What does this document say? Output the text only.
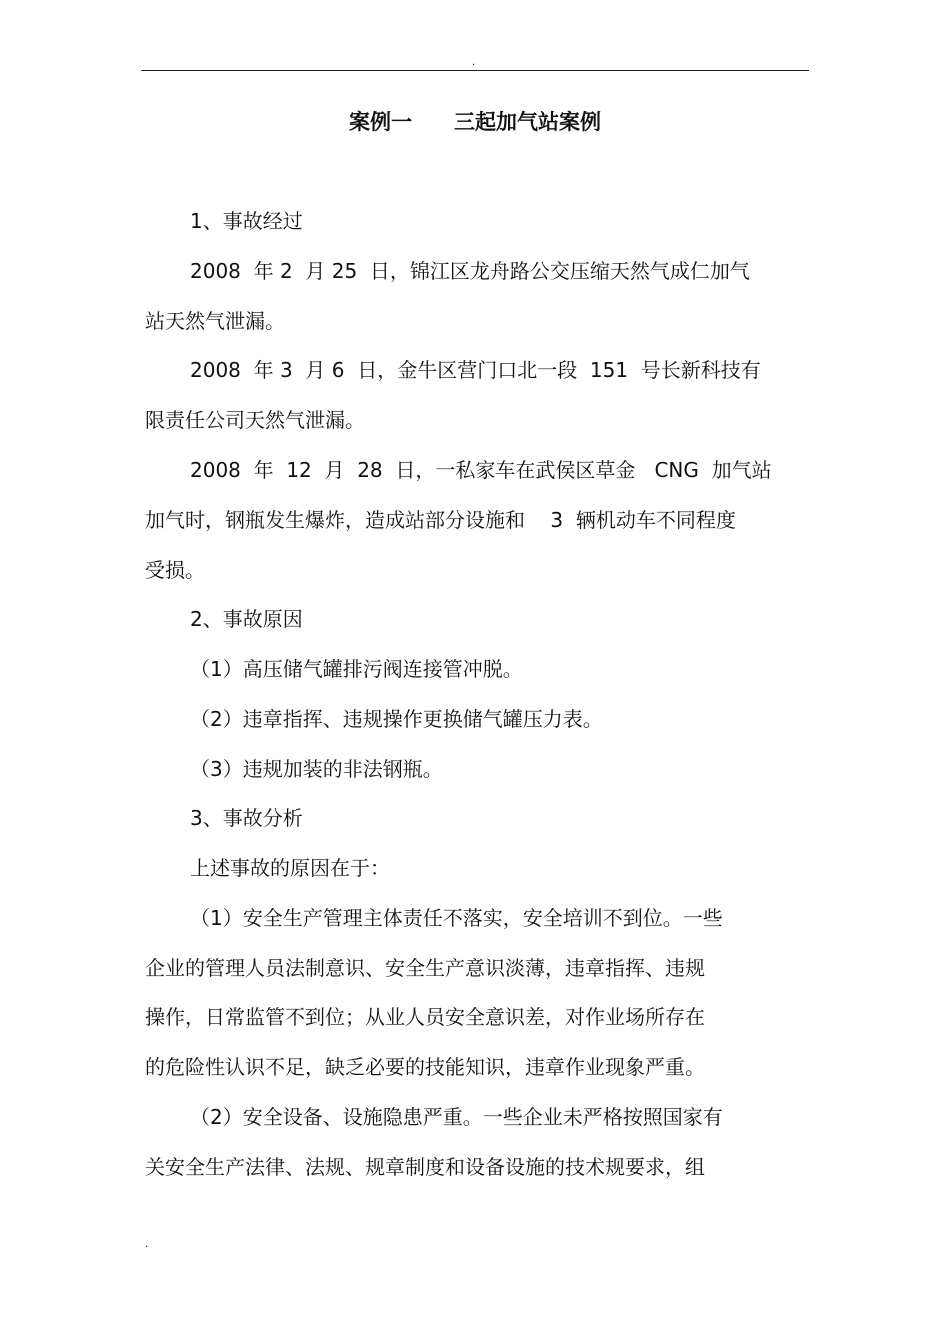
.
案例一　　三起加气站案例
1、事故经过
2008  年 2  月 25  日，锦江区龙舟路公交压缩天然气成仁加气
站天然气泄漏。
2008  年 3  月 6  日，金牛区营门口北一段  151  号长新科技有
限责任公司天然气泄漏。
2008  年  12  月  28  日，一私家车在武侯区草金   CNG  加气站
加气时，钢瓶发生爆炸，造成站部分设施和    3  辆机动车不同程度
受损。
2、事故原因
（1）高压储气罐排污阀连接管冲脱。
（2）违章指挥、违规操作更换储气罐压力表。
（3）违规加装的非法钢瓶。
3、事故分析
上述事故的原因在于：
（1）安全生产管理主体责任不落实，安全培训不到位。一些
企业的管理人员法制意识、安全生产意识淡薄，违章指挥、违规
操作，日常监管不到位；从业人员安全意识差，对作业场所存在
的危险性认识不足，缺乏必要的技能知识，违章作业现象严重。
（2）安全设备、设施隐患严重。一些企业未严格按照国家有
关安全生产法律、法规、规章制度和设备设施的技术规要求，组
.
